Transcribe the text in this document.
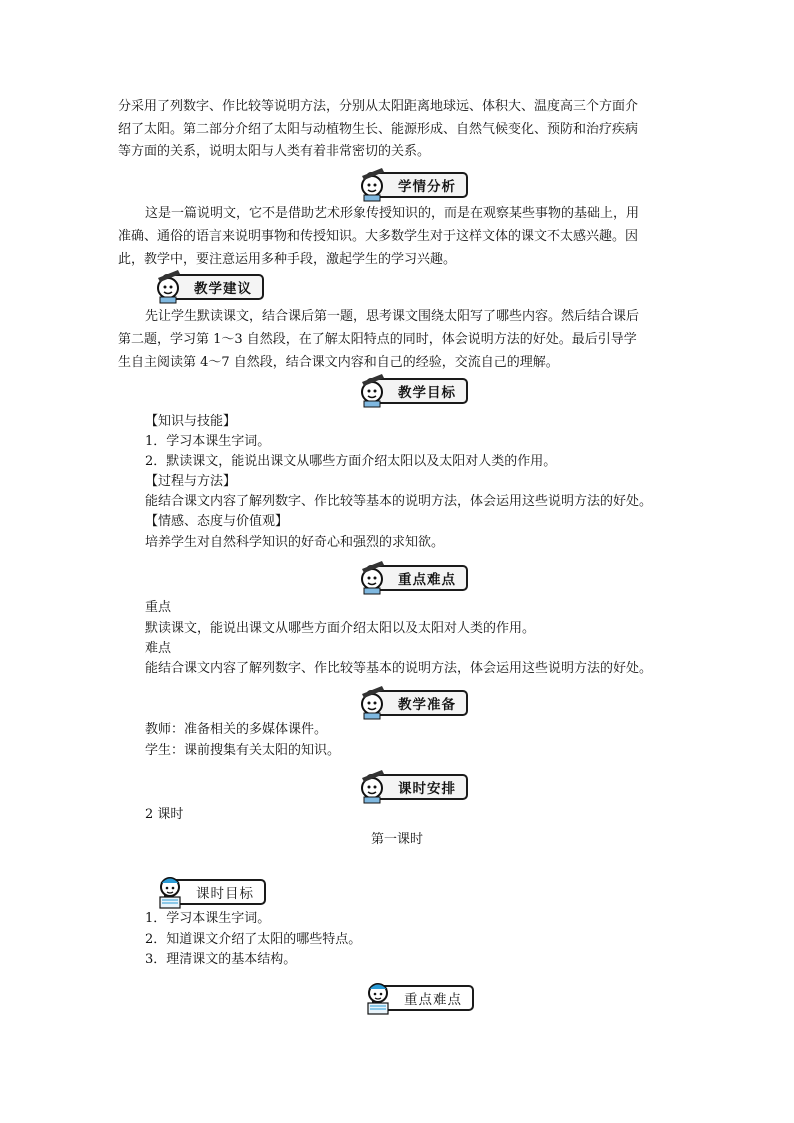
分采用了列数字、作比较等说明方法，分别从太阳距离地球远、体积大、温度高三个方面介
绍了太阳。第二部分介绍了太阳与动植物生长、能源形成、自然气候变化、预防和治疗疾病
等方面的关系，说明太阳与人类有着非常密切的关系。
学情分析
这是一篇说明文，它不是借助艺术形象传授知识的，而是在观察某些事物的基础上，用
准确、通俗的语言来说明事物和传授知识。大多数学生对于这样文体的课文不太感兴趣。因
此，教学中，要注意运用多种手段，激起学生的学习兴趣。
教学建议
先让学生默读课文，结合课后第一题，思考课文围绕太阳写了哪些内容。然后结合课后
第二题，学习第 1～3 自然段，在了解太阳特点的同时，体会说明方法的好处。最后引导学
生自主阅读第 4～7 自然段，结合课文内容和自己的经验，交流自己的理解。
教学目标
【知识与技能】
1．学习本课生字词。
2．默读课文，能说出课文从哪些方面介绍太阳以及太阳对人类的作用。
【过程与方法】
能结合课文内容了解列数字、作比较等基本的说明方法，体会运用这些说明方法的好处。
【情感、态度与价值观】
培养学生对自然科学知识的好奇心和强烈的求知欲。
重点难点
重点
默读课文，能说出课文从哪些方面介绍太阳以及太阳对人类的作用。
难点
能结合课文内容了解列数字、作比较等基本的说明方法，体会运用这些说明方法的好处。
教学准备
教师：准备相关的多媒体课件。
学生：课前搜集有关太阳的知识。
课时安排
2 课时
第一课时
课时目标
1．学习本课生字词。
2．知道课文介绍了太阳的哪些特点。
3．理清课文的基本结构。
重点难点
